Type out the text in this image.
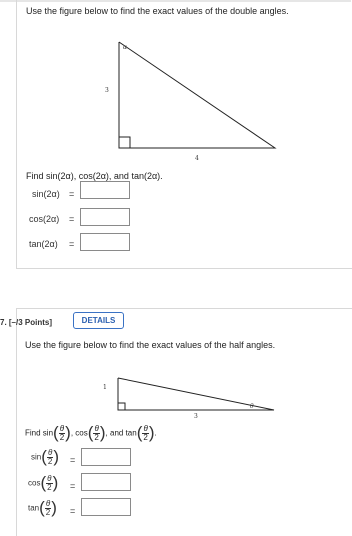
Use the figure below to find the exact values of the double angles.
α
3
4
Find sin(2α), cos(2α), and tan(2α).
sin(2α) =
cos(2α) =
tan(2α) =
7. [–/3 Points]	DETAILS
Use the figure below to find the exact values of the half angles.
1
3
θ
Find $\sin( \frac{\theta}{2}$ ), $\cos( \frac{\theta}{2}$ ), and $\tan( \frac{\theta}{2}$ ).
$\sin( \frac{\theta}{2}$ ) =
$\cos( \frac{\theta}{2}$ ) =
$\tan( \frac{\theta}{2}$ ) =
